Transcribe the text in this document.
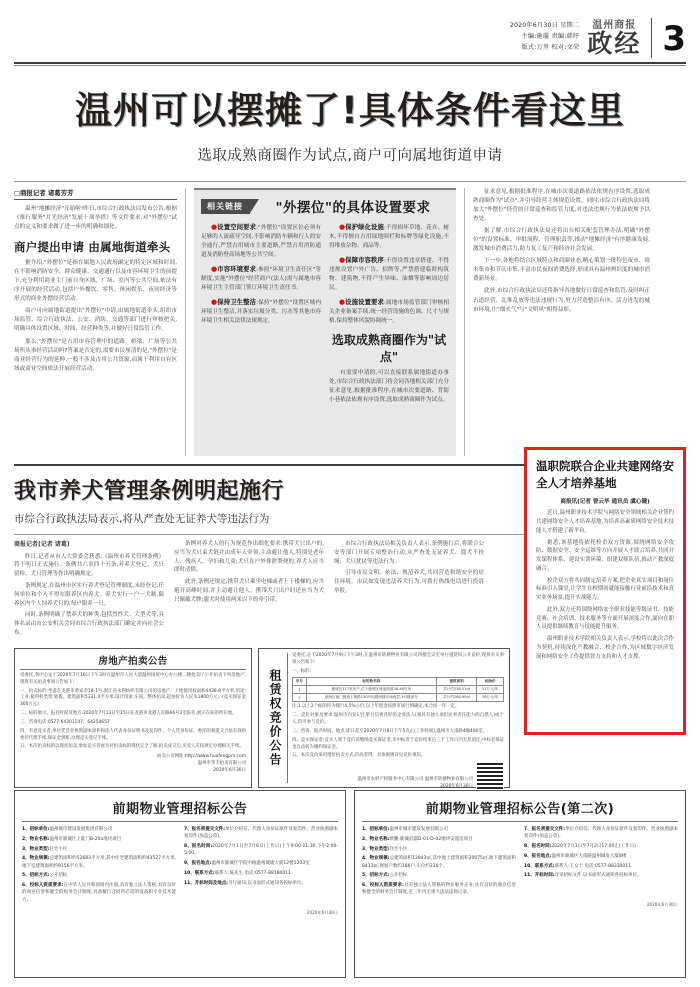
2020年6月30日 星期二
主编:施璇 责编:韩纾
版式:万里 校对:文荣
温州商报
政经 3
温州可以摆摊了!具体条件看这里
选取成熟商圈作为试点,商户可向属地街道申请
□商报记者 诸葛芳芳

温州"地摊经济"开始啦!昨日,市综合行政执法局发布公告,根据《推行服务"月光经济"发展十项举措》等文件要求,对"外摆位"试点的定义和要求做了进一步的明确和细化。

商户提出申请 由属地街道牵头

据介绍,"外摆位"是指在属地人民政府确定的特定区域和时间,在不影响消防安全、群众健康、交通通行以及市容环境卫生的前提下,充分利用商业主门前自身区域、广场、室内等公共空间,依法有序开展的经营活动,包括户外餐饮、零售、休闲娱乐、夜间经济等形式的商业外摆经营活动。

商户可向属地街道提出"外摆位"申请,由属地街道牵头,组织市场监管、综合行政执法、公安、消防、交通等部门进行审核把关,明确具体设置区域、时间、经营种类等,并做好日常监管工作。

那么,"外摆位"是占用市容管理中的道路、桥梁、广场等公共场所从事经营活动吗?答案是否定的,需要市民厘清的是,"外摆位"是商业经营行为的延伸,一般不涉及占用公共资源,而属于利用自有区域或商业空间依法开展经营活动。

相关链接	"外摆位"的具体设置要求
●设置空间要求:"外摆位"设置区位必须有足够的人流疏导空间,不影响消防车辆和行人的安全通行,严禁占用城市主要道路,严禁占用消防通道及消防登高场地等公共空间。
●市容环境要求:参照"环境卫生责任区"等制度,实施"外摆位"经营商户(法人)需与属地市容环境卫生主管部门签订环境卫生责任书。
●保持卫生整洁:保持"外摆位"设置区域内环境卫生整洁,并落实垃圾分类、污水等其他市容环境卫生相关法律法规规定。
●保护绿化设施:不得损坏草地、花卉、树木,不得擅自占用绿地围栏和标牌等绿化设施,不得堆放杂物、商品等。
●保障市容秩序:不得设置违章搭建、不得违规设置户外广告、招牌等,严禁搭建临时构筑物、建筑物,不得产生异味、油烟等影响周边居民。
●设施设置要求:属地市场监管部门审核相关企业备案手续,统一经营设施的色调、尺寸与规格,保持整体风貌协调统一。
选取成熟商圈作为"试点"
有需要申请的,可以直接联系属地街道办事处,市综合行政执法部门将会同各地相关部门充分征求意见,根据批准程序,在城市次要道路、背街小巷依法依规有序设置,选取成熟商圈作为试点。

征求意见,根据批准程序,在城市次要道路依法依规有序设置,选取成熟商圈作为"试点",并引导经营主体规范设置。同时,市综合行政执法局将加大"外摆位"经营的日常巡查和监管力度,对违法违规行为依法依规予以查处。

据了解,市综合行政执法局还将出台相关配套管理办法,明确"外摆位"的设置标准、审批流程、管理职责等,推动"地摊经济"有序健康发展,激发城市消费活力,助力复工复产和经济社会发展。

下一步,各地将结合区域特点和商圈业态,精心策划一批特色夜市、周末集市和节庆市集,丰富市民夜间消费选择,形成具有温州辨识度的城市消费新场景。

此外,市综合行政执法局还将指导各地做好日常巡查和监管,及时纠正占道经营、乱堆乱放等违法违规行为,努力营造整洁有序、活力迸发的城市环境,让"烟火气"与"文明风"相得益彰。

我市养犬管理条例明起施行
市综合行政执法局表示,将从严查处无证养犬等违法行为
商报记者(记者 诸葛)

昨日,记者从市人大常委会获悉,《温州市养犬管理条例》将于明日正式施行。条例共六章四十五条,对养犬登记、犬只留检、犬只管理等作出明确规定。

条例规定,在温州市区实行养犬登记管理制度,未经登记,任何单位和个人不得在限养区内养犬。养犬实行一户一犬制,限养区内个人饲养犬只的,每户限养一只。

同时,条例明确了禁养犬的种类,包括烈性犬、大型犬等,具体名录由市公安机关会同市综合行政执法部门确定并向社会公布。

条例对养犬人的行为规范作出细化要求:携带犬只出户的,应当为犬只束犬链并由成年人牵领,主动避让他人,特别是老年人、残疾人、孕妇和儿童;犬只在户外排泄粪便的,养犬人应当即时清除。

此外,条例还规定,携带犬只乘坐电梯或者上下楼梯的,应当避开高峰时间,并主动避让他人。携带犬只出户时还应当为犬只佩戴犬牌;遛犬时使用两米以下的牵引带。

市综合行政执法局相关负责人表示,条例施行后,将联合公安等部门开展专项整治行动,从严查处无证养犬、遛犬不拴绳、犬只扰民等违法行为。

引导市民文明、依法、规范养犬,共同营造和谐安全的居住环境。市民如发现违法养犬行为,可拨打热线电话进行投诉举报。

温职院联合企业共建网络安全人才培养基地
商报讯(记者 曾云毕 通讯员 虞心键)

近日,温州职业技术学院与网络安全领域相关企业签约共建网络安全人才培养基地,为培养高素质网络安全技术技能人才搭建了新平台。

据悉,该基地将依托校企双方资源,围绕网络安全攻防、数据安全、安全运维等方向开展人才联合培养,共同开发课程体系、建设实训环境、组建双师队伍,推动产教深度融合。

校企双方将共同制定培养方案,把企业真实项目和岗位标准引入课堂,让学生在校期间就能接触行业前沿技术和真实业务场景,提升实战能力。

此外,双方还将围绕网络安全职业技能等级证书、技能竞赛、社会培训、技术服务等方面开展深度合作,面向在职人员提供继续教育与技能提升服务。

温州职业技术学院相关负责人表示,学校将以此次合作为契机,持续深化产教融合、校企合作,为区域数字经济发展和网络安全工作提供智力支持和人才支撑。

房地产拍卖公告

受委托,我中心定于2020年7月16日下午3时在温州市人民大道温州国贸中心办公楼二楼拍卖厅公开拍卖下列房地产,现将有关拍卖事项公告如下:

一、拍卖标的:坐落在龙港市黄家岙18-1号,浙江省永利纺织有限公司的房地产。上地使用权面积4438.8平方米,用途:工业,使用权类型:划拨。建筑面积5331.4平方米,设计用途:车间。整体拍卖,起拍价为人民币1800万元。(竞买保证金300万元)

二、标的展示、报名时间及地点:2020年7月13日至15日在龙港市龙港人民路66号2室报名,展示在标的所在地。

三、咨询电话:0577-64301147、64254657

四、有意竞买者,单位凭营业执照副本原件和法人代表身份证明书及复印件、个人凭身份证、委托的须提交合法有效的委托代理手续,保证金到账,办理竞买登记手续。

五、本次拍卖标的以现状拍卖,参加竞买者视为对拍卖标的现状完全了解,拍卖成交后,买受人应按规定办理相关手续。

拍卖公司网址:http://www.huafengpm.com
温州市华丰拍卖有限公司
2020年6月30日
租赁权竞价公告

受委托,定于2020年7月9日下午3时,在温州市转塘物业有限公司四楼会议室举行租赁权公开竞价,现将有关事项公告如下:

一、标的:

序号	标的物名称	建筑面积	起始价
1	鹿城区117室房产,位于鹿城区莲池街道38-46号房	共计约238.51㎡	12万元/年
2	瓯海区南门街道上街路130号电梯房楼市场两层,3号楼部分	共计约260.90㎡	18万元/年

注:1.以上2个标的均为现行4.5%公价,以上年租金按照市场行情确定,本合同一年一定。

二、竞价对象及要求:温州市内登记注册且信誉良好的企业法人(须具有独立承担民事责任能力的自然人)或个人,均可参与竞价。

三、咨询、报名时间、地点:即日起至2020年7月8日下午5点止(工作时间),温州市大南路4幢406室。

四、竞买保证金:竞买人须于竞价前缴纳竞买保证金,未中标者于竞价结束后三个工作日内无息退还;中标者保证金自动转为履约保证金。

五、本次竞价采用增价拍卖方式,价高者得。具体规则详见竞价须知。

温州市农村产权服务中心有限公司 温州市转塘物业有限公司
2020年6月30日
前期物业管理招标公告

1、招标单位:温州城市建设发展集团有限公司

2、物业名称:温州市鹿城区上陡门B-20a地块项目

3、物业类型:住宅小区

4、物业规模:总建筑面积约52683平方米,其中住宅建筑面积约43527平方米,地下室建筑面积约9156平方米。

5、招标方式:公开招标

6、投标人资质要求:在中华人民共和国境内注册,具有独立法人资格;具有良好的商业信誉和健全的财务会计制度;具备履行合同所必需的设备和专业技术能力。

7、报名须提交文件:单位介绍信、代理人身份证原件及复印件、营业执照副本复印件(加盖公章)。

8、报名时间:2020年7月1日至7月6日(工作日)上午9:00-11:30,下午2:00-5:00。

9、报名地点:温州市鹿城区学院中路温州城建大厦12楼1203室

10、联系方式:联系人:陈先生 电话:0577-88180011

11、开标时间及地点:另行通知,以书面形式通知各投标单位。

2020年6月30日
前期物业管理招标公告(第二次)

1、招标单位:温州市城市建设发展有限公司

2、物业名称:欧鹏·鹿城府邸D-01-D-02地块安置房项目

3、物业类型:住宅小区

4、物业规模:总建筑面积12843㎡,其中地上建筑面积20075㎡,地下建筑面积8413㎡,规划户数约186户,车位约220个。

5、招标方式:公开招标

6、投标人资质要求:具有独立法人资格的物业服务企业,具有良好的商业信誉和健全的财务会计制度,近三年内无重大违法违规记录。

7、报名须提交文件:单位介绍信、代理人身份证原件及复印件、营业执照副本复印件(加盖公章)。

8、报名时间:2020年7月1日至7月2日17:00止(工作日)

9、报名地点:温州市鹿城区大南路温州城发大厦8楼

10、联系方式:联系人:王女士 电话:0577-88330011

11、开标时间:详见招标文件,以书面形式通知各投标单位。

2020年6月30日
